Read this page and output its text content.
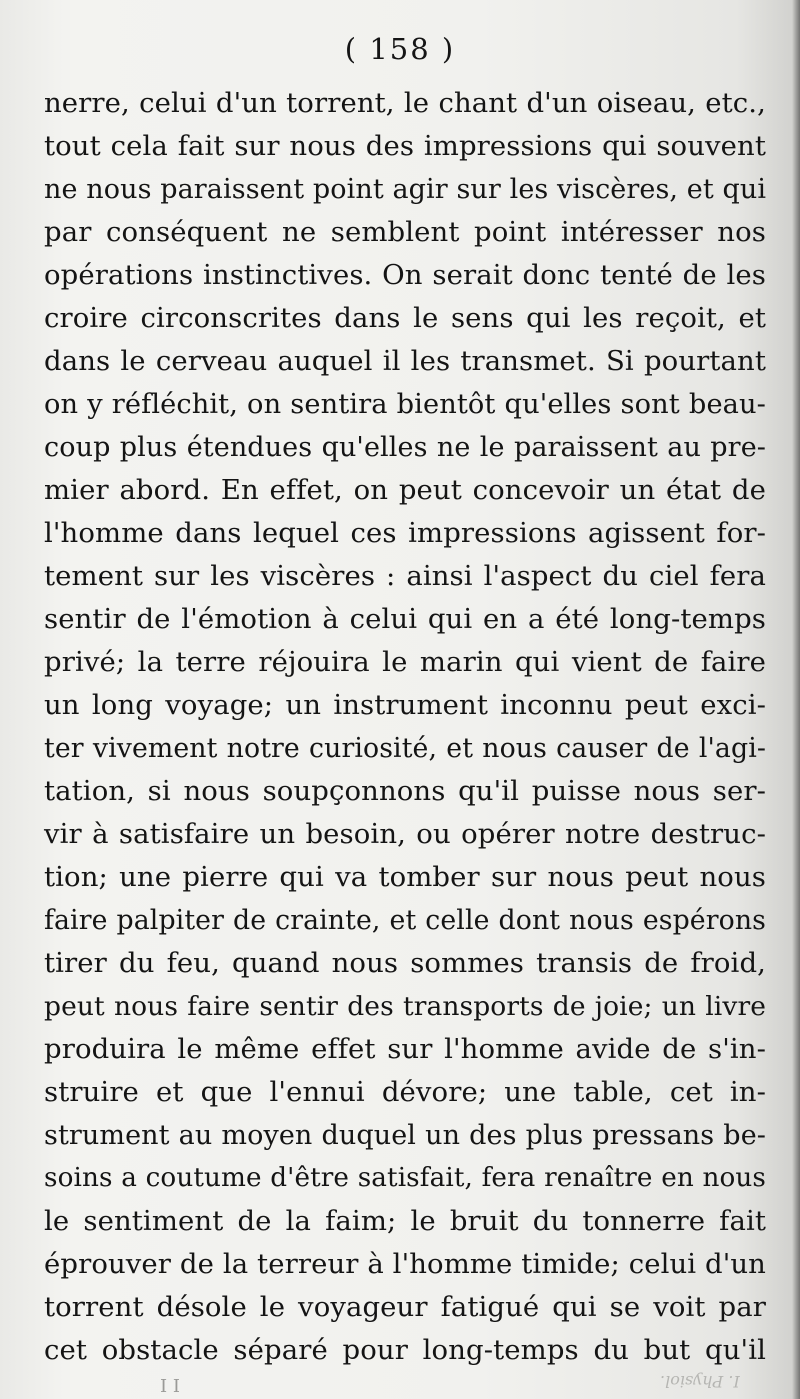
( 158 )
nerre, celui d'un torrent, le chant d'un oiseau, etc.,
tout cela fait sur nous des impressions qui souvent
ne nous paraissent point agir sur les viscères, et qui
par conséquent ne semblent point intéresser nos
opérations instinctives. On serait donc tenté de les
croire circonscrites dans le sens qui les reçoit, et
dans le cerveau auquel il les transmet. Si pourtant
on y réfléchit, on sentira bientôt qu'elles sont beau-
coup plus étendues qu'elles ne le paraissent au pre-
mier abord. En effet, on peut concevoir un état de
l'homme dans lequel ces impressions agissent for-
tement sur les viscères : ainsi l'aspect du ciel fera
sentir de l'émotion à celui qui en a été long-temps
privé; la terre réjouira le marin qui vient de faire
un long voyage; un instrument inconnu peut exci-
ter vivement notre curiosité, et nous causer de l'agi-
tation, si nous soupçonnons qu'il puisse nous ser-
vir à satisfaire un besoin, ou opérer notre destruc-
tion; une pierre qui va tomber sur nous peut nous
faire palpiter de crainte, et celle dont nous espérons
tirer du feu, quand nous sommes transis de froid,
peut nous faire sentir des transports de joie; un livre
produira le même effet sur l'homme avide de s'in-
struire et que l'ennui dévore; une table, cet in-
strument au moyen duquel un des plus pressans be-
soins a coutume d'être satisfait, fera renaître en nous
le sentiment de la faim; le bruit du tonnerre fait
éprouver de la terreur à l'homme timide; celui d'un
torrent désole le voyageur fatigué qui se voit par
cet obstacle séparé pour long-temps du but qu'il
I I	I. Physiol.
